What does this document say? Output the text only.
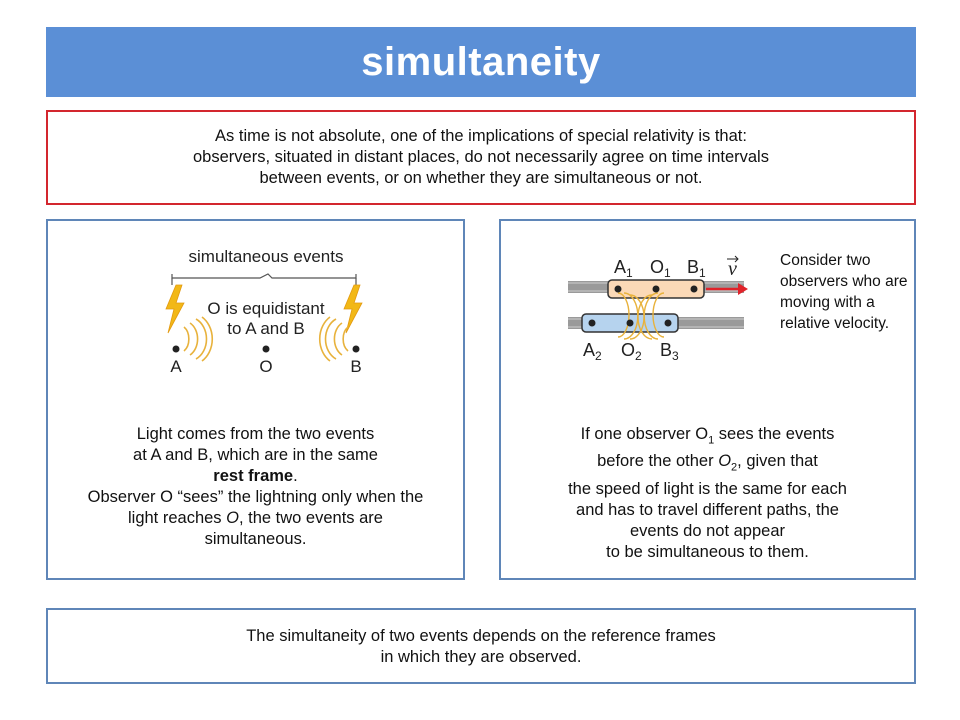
simultaneity
As time is not absolute, one of the implications of special relativity is that:
observers, situated in distant places, do not necessarily agree on time intervals
between events, or on whether they are simultaneous or not.
simultaneous events
O is equidistant
to A and B
A	O	B
Light comes from the two events
at A and B, which are in the same
rest frame.
Observer O “sees” the lightning only when the
light reaches O, the two events are
simultaneous.
$A_1$ $O_1$ $B_1$ v
$A_2$ $O_2$ $B_3$
Consider two observers who are moving with a relative velocity.
If one observer $O_1$ sees the events
before the other $O_2$, given that
the speed of light is the same for each
and has to travel different paths, the
events do not appear
to be simultaneous to them.
The simultaneity of two events depends on the reference frames
in which they are observed.
